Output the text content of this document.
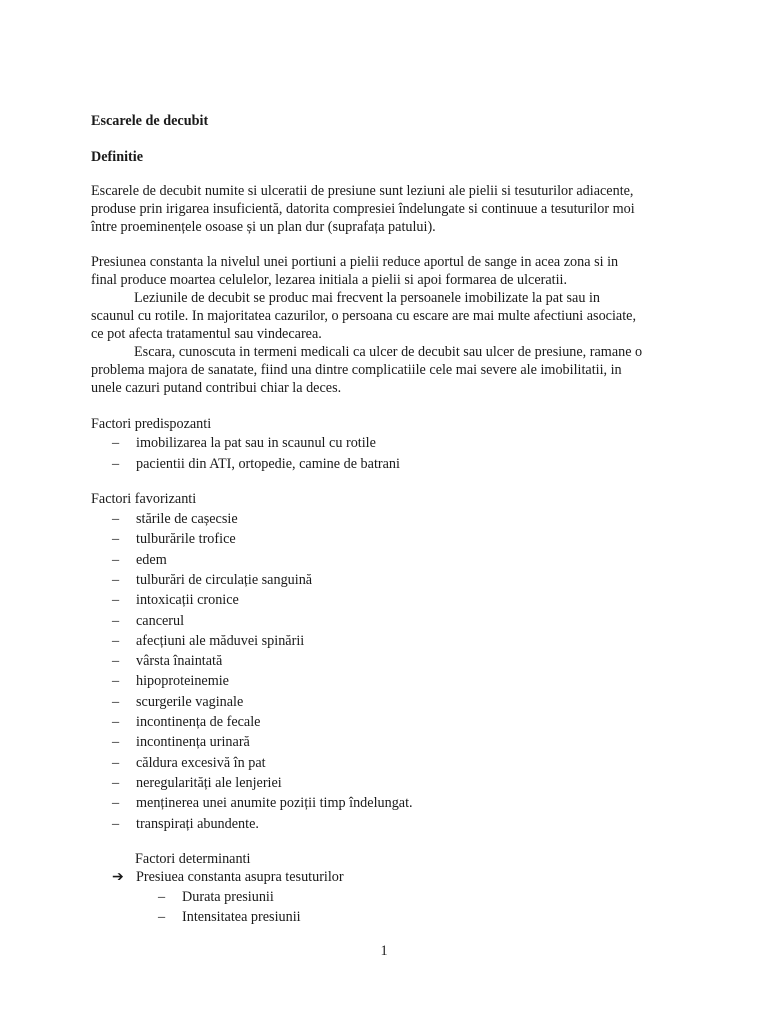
Escarele de decubit
Definitie
Escarele de decubit numite si ulceratii de presiune sunt leziuni ale pielii si tesuturilor adiacente,
produse prin irigarea insuficientă, datorita compresiei îndelungate si continuue a tesuturilor moi
între proeminențele osoase și un plan dur (suprafața patului).
Presiunea constanta la nivelul unei portiuni a pielii reduce aportul de sange in acea zona si in
final produce moartea celulelor, lezarea initiala a pielii si apoi formarea de ulceratii.
Leziunile de decubit se produc mai frecvent la persoanele imobilizate la pat sau in
scaunul cu rotile. In majoritatea cazurilor, o persoana cu escare are mai multe afectiuni asociate,
ce pot afecta tratamentul sau vindecarea.
Escara, cunoscuta in termeni medicali ca ulcer de decubit sau ulcer de presiune, ramane o
problema majora de sanatate, fiind una dintre complicatiile cele mai severe ale imobilitatii, in
unele cazuri putand contribui chiar la deces.
Factori predispozanti
– imobilizarea la pat sau in scaunul cu rotile
– pacientii din ATI, ortopedie, camine de batrani
Factori favorizanti
– stările de cașecsie
– tulburările trofice
– edem
– tulburări de circulație sanguină
– intoxicații cronice
– cancerul
– afecțiuni ale măduvei spinării
– vârsta înaintată
– hipoproteinemie
– scurgerile vaginale
– incontinența de fecale
– incontinența urinară
– căldura excesivă în pat
– neregularități ale lenjeriei
– menținerea unei anumite poziții timp îndelungat.
– transpirați abundente.
Factori determinanti
➔ Presiuea constanta asupra tesuturilor
– Durata presiunii
– Intensitatea presiunii
1
